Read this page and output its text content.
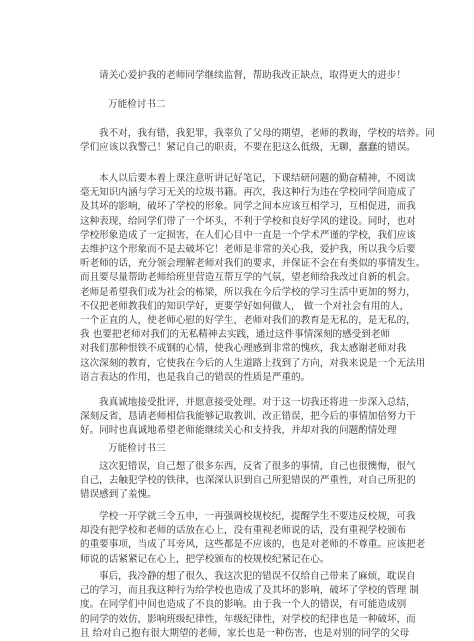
请关心爱护我的老师同学继续监督，帮助我改正缺点，取得更大的进步！

万能检讨书二

我不对，我有错，我犯罪，我辜负了父母的期望，老师的教诲，学校的培养。同
学们应该以我警己！紧记自己的职责，不要在犯这么低级，无聊，蠢蠢的错误。

本人以后要本着上课注意听讲记好笔记，下课结研问题的勤奋精神，不阅读
毫无知识内涵与学习无关的垃圾书籍。再次，我这种行为违在学校同学间造成了
及其坏的影响，破坏了学校的形象。同学之间本应该互相学习，互相促进，而我
这种表现，给同学们带了一个坏头，不利于学校和良好学风的建设。同时，也对
学校形象造成了一定损害，在人们心目中一直是一个学术严谨的学校，我们应该
去维护这个形象而不是去破坏它！老师是非常的关心我，爱护我，所以我今后要
听老师的话，充分领会理解老师对我们的要求，并保证不会在有类似的事情发生。
而且要尽量帮助老师给班里营造互帮互学的气氛，望老师给我改过自新的机会。
老师是希望我们成为社会的栋梁，所以我在今后学校的学习生活中更加的努力，
不仅把老师教我们的知识学好，更要学好如何做人， 做一个对社会有用的人，
一个正直的人，使老师心慰的好学生，老师对我们的教育是无私的，是无私的，
我 也要把老师对我们的无私精神去实践，通过这件事情深刻的感受到老师
对我们那种恨铁不成钢的心情，使我心理感到非常的愧疚，我太感谢老师对我
这次深刻的教育，它使我在今后的人生道路上找到了方向，对我来说是一个无法用
语言表达的作用，也是我自己的错误的性质是严重的。

我真诚地接受批评，并愿意接受处理。对于这一切我还将进一步深入总结，
深刻反省，恳请老师相信我能够记取教训、改正错误，把今后的事情加倍努力干
好。同时也真诚地希望老师能继续关心和支持我，并却对我的问题酌情处理

万能检讨书三

这次犯错误，自己想了很多东西，反省了很多的事情，自己也很懊悔，很气
自己，去触犯学校的铁律，也深深认识到自己所犯错误的严重性，对自己所犯的
错误感到了羞愧。

学校一开学就三令五申，一再强调校规校纪，提醒学生不要违反校规，可我
却没有把学校和老师的话放在心上，没有重视老师说的话，没有重视学校颁布
的重要事项，当成了耳旁风，这些都是不应该的，也是对老师的不尊重。应该把老
师说的话紧紧记在心上，把学校颁布的校规校纪紧记在心。

事后，我冷静的想了很久，我这次犯的错误不仅给自己带来了麻烦，耽误自
己的学习，而且我这种行为给学校也造成了及其坏的影响，破坏了学校的管理 制
度。在同学们中间也造成了不良的影响。由于我一个人的错误，有可能造成别
的同学的效仿，影响班级纪律性，年级纪律性，对学校的纪律也是一种破坏，而
且 给对自己抱有很大期望的老师，家长也是一种伤害，也是对别的同学的父母
